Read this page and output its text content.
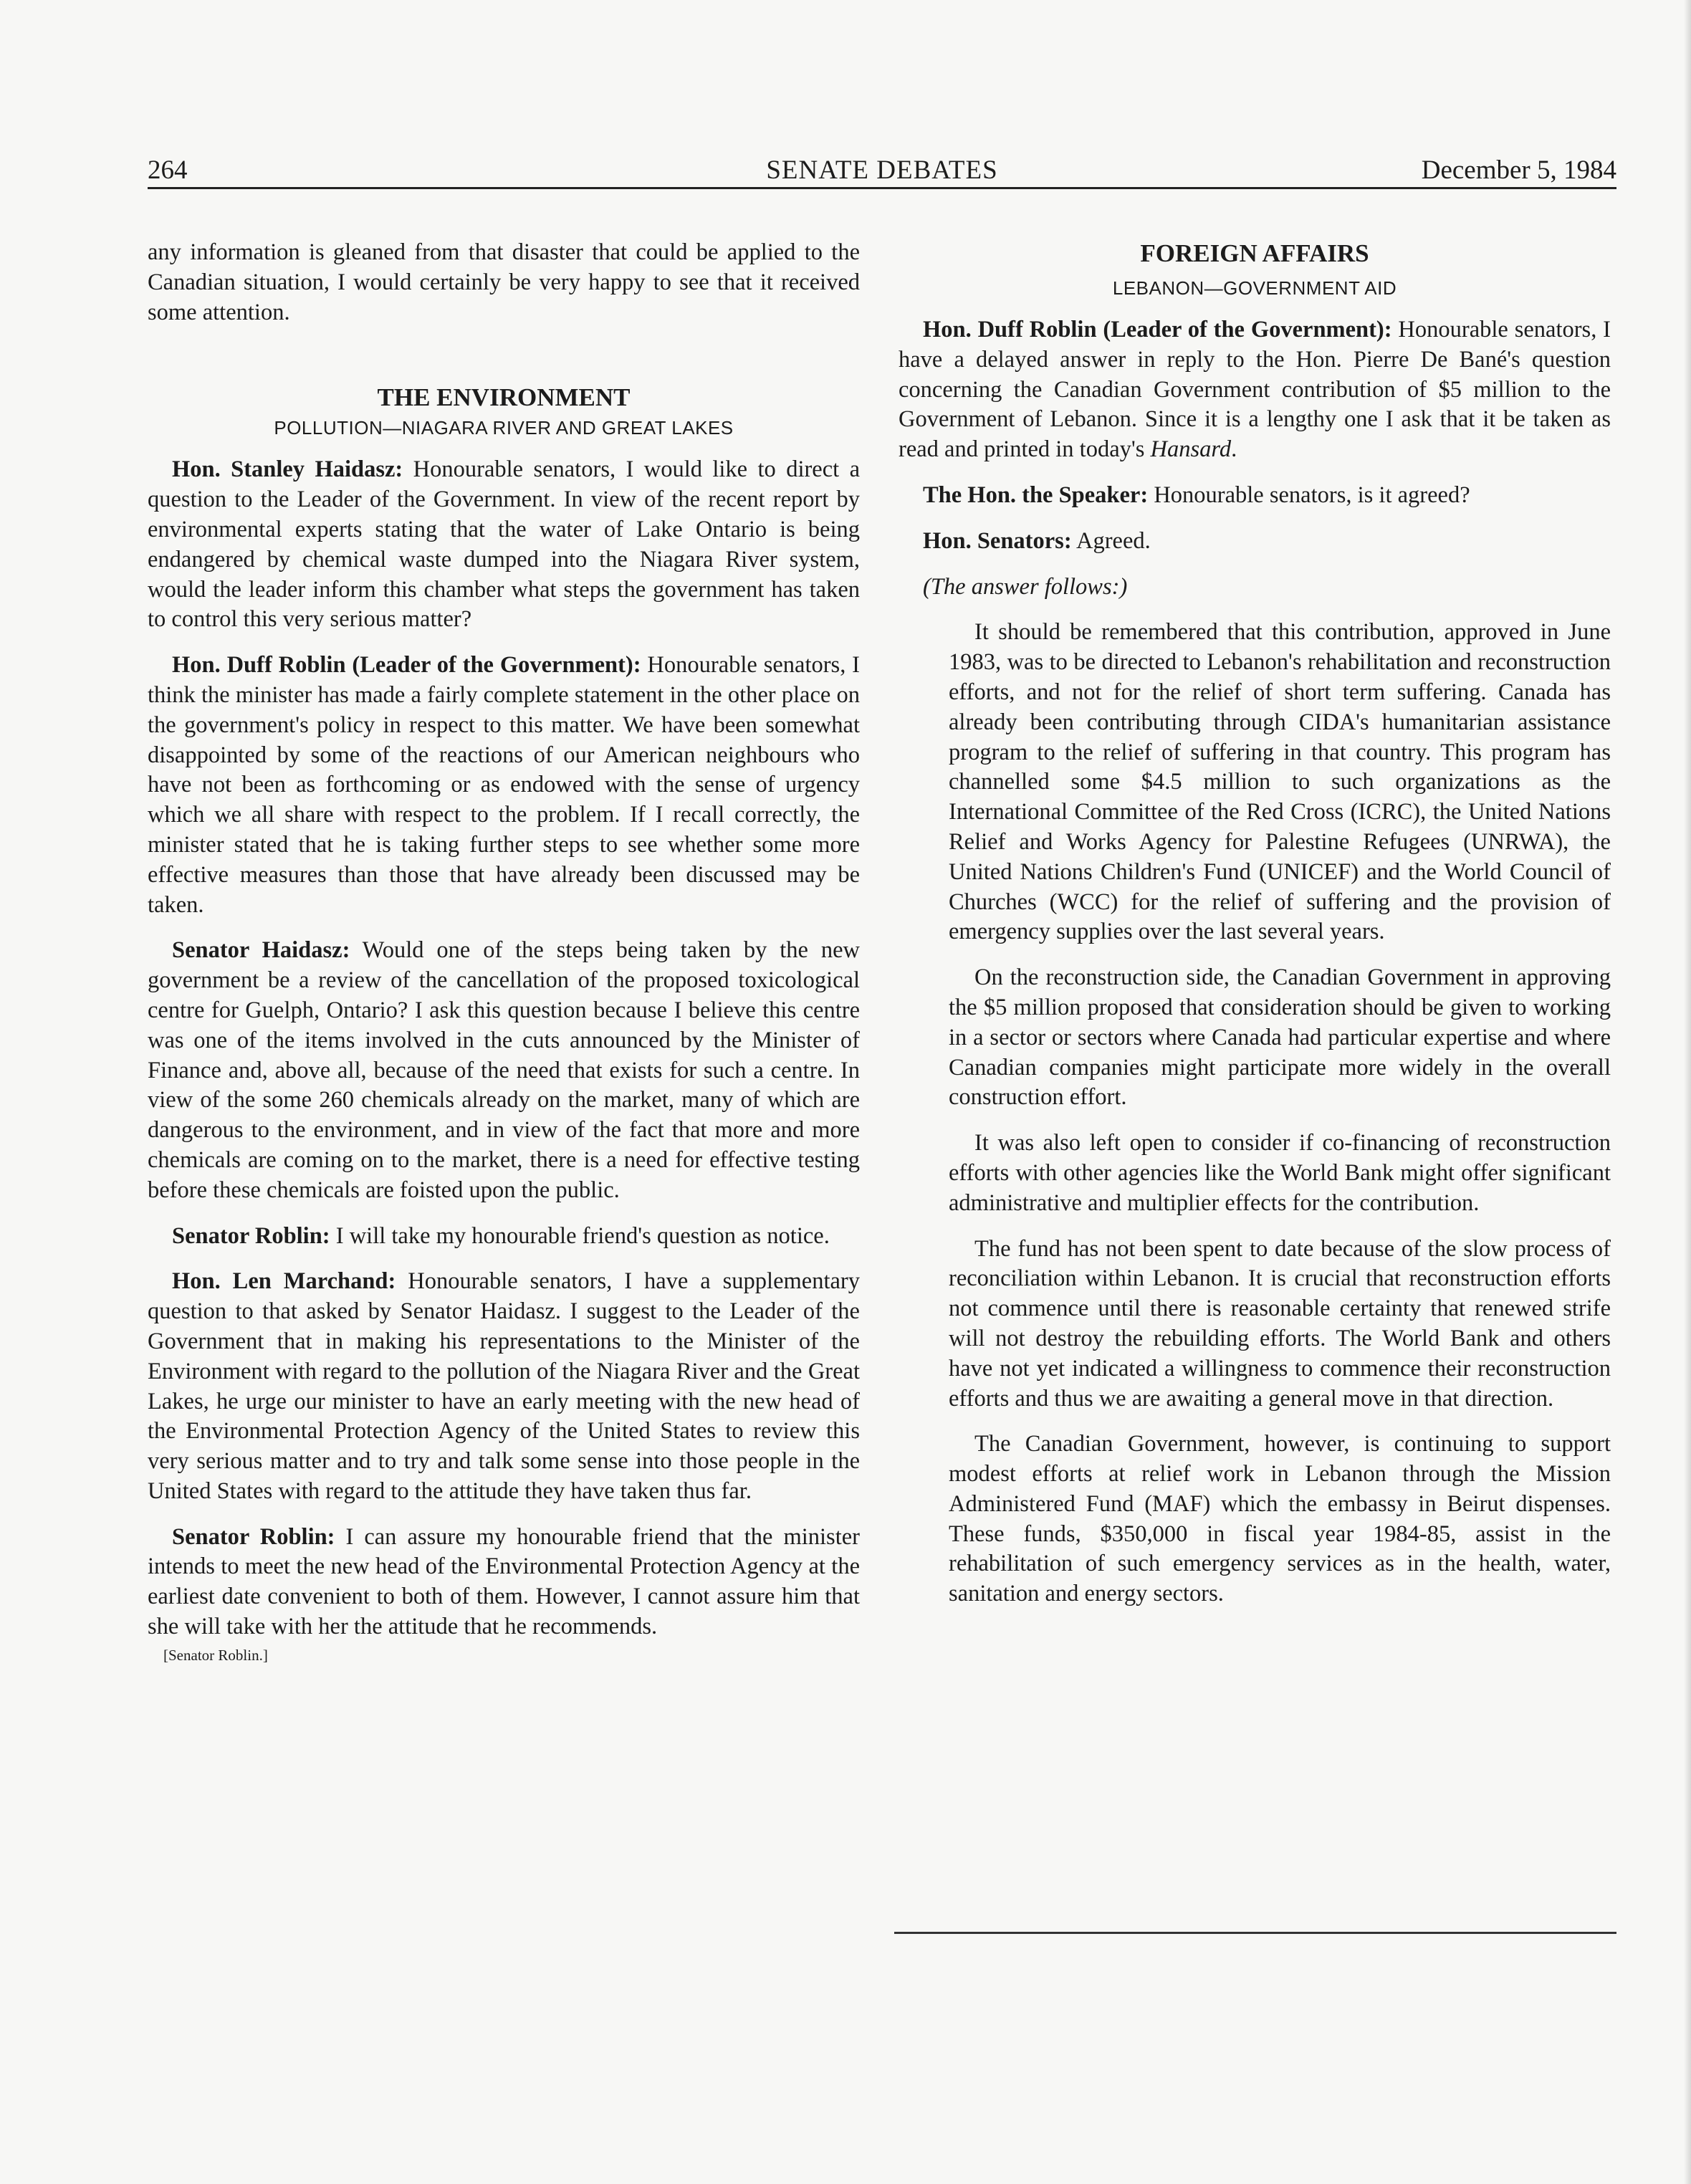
264	SENATE DEBATES	December 5, 1984

any information is gleaned from that disaster that could be applied to the Canadian situation, I would certainly be very happy to see that it received some attention.

THE ENVIRONMENT
POLLUTION—NIAGARA RIVER AND GREAT LAKES

Hon. Stanley Haidasz: Honourable senators, I would like to direct a question to the Leader of the Government. In view of the recent report by environmental experts stating that the water of Lake Ontario is being endangered by chemical waste dumped into the Niagara River system, would the leader inform this chamber what steps the government has taken to control this very serious matter?

Hon. Duff Roblin (Leader of the Government): Honourable senators, I think the minister has made a fairly complete statement in the other place on the government's policy in respect to this matter. We have been somewhat disappointed by some of the reactions of our American neighbours who have not been as forthcoming or as endowed with the sense of urgency which we all share with respect to the problem. If I recall correctly, the minister stated that he is taking further steps to see whether some more effective measures than those that have already been discussed may be taken.

Senator Haidasz: Would one of the steps being taken by the new government be a review of the cancellation of the proposed toxicological centre for Guelph, Ontario? I ask this question because I believe this centre was one of the items involved in the cuts announced by the Minister of Finance and, above all, because of the need that exists for such a centre. In view of the some 260 chemicals already on the market, many of which are dangerous to the environment, and in view of the fact that more and more chemicals are coming on to the market, there is a need for effective testing before these chemicals are foisted upon the public.

Senator Roblin: I will take my honourable friend's question as notice.

Hon. Len Marchand: Honourable senators, I have a supplementary question to that asked by Senator Haidasz. I suggest to the Leader of the Government that in making his representations to the Minister of the Environment with regard to the pollution of the Niagara River and the Great Lakes, he urge our minister to have an early meeting with the new head of the Environmental Protection Agency of the United States to review this very serious matter and to try and talk some sense into those people in the United States with regard to the attitude they have taken thus far.

Senator Roblin: I can assure my honourable friend that the minister intends to meet the new head of the Environmental Protection Agency at the earliest date convenient to both of them. However, I cannot assure him that she will take with her the attitude that he recommends.

[Senator Roblin.]
FOREIGN AFFAIRS
LEBANON—GOVERNMENT AID

Hon. Duff Roblin (Leader of the Government): Honourable senators, I have a delayed answer in reply to the Hon. Pierre De Bané's question concerning the Canadian Government contribution of $5 million to the Government of Lebanon. Since it is a lengthy one I ask that it be taken as read and printed in today's Hansard.

The Hon. the Speaker: Honourable senators, is it agreed?

Hon. Senators: Agreed.

(The answer follows:)

It should be remembered that this contribution, approved in June 1983, was to be directed to Lebanon's rehabilitation and reconstruction efforts, and not for the relief of short term suffering. Canada has already been contributing through CIDA's humanitarian assistance program to the relief of suffering in that country. This program has channelled some $4.5 million to such organizations as the International Committee of the Red Cross (ICRC), the United Nations Relief and Works Agency for Palestine Refugees (UNRWA), the United Nations Children's Fund (UNICEF) and the World Council of Churches (WCC) for the relief of suffering and the provision of emergency supplies over the last several years.

On the reconstruction side, the Canadian Government in approving the $5 million proposed that consideration should be given to working in a sector or sectors where Canada had particular expertise and where Canadian companies might participate more widely in the overall construction effort.

It was also left open to consider if co-financing of reconstruction efforts with other agencies like the World Bank might offer significant administrative and multiplier effects for the contribution.

The fund has not been spent to date because of the slow process of reconciliation within Lebanon. It is crucial that reconstruction efforts not commence until there is reasonable certainty that renewed strife will not destroy the rebuilding efforts. The World Bank and others have not yet indicated a willingness to commence their reconstruction efforts and thus we are awaiting a general move in that direction.

The Canadian Government, however, is continuing to support modest efforts at relief work in Lebanon through the Mission Administered Fund (MAF) which the embassy in Beirut dispenses. These funds, $350,000 in fiscal year 1984-85, assist in the rehabilitation of such emergency services as in the health, water, sanitation and energy sectors.
